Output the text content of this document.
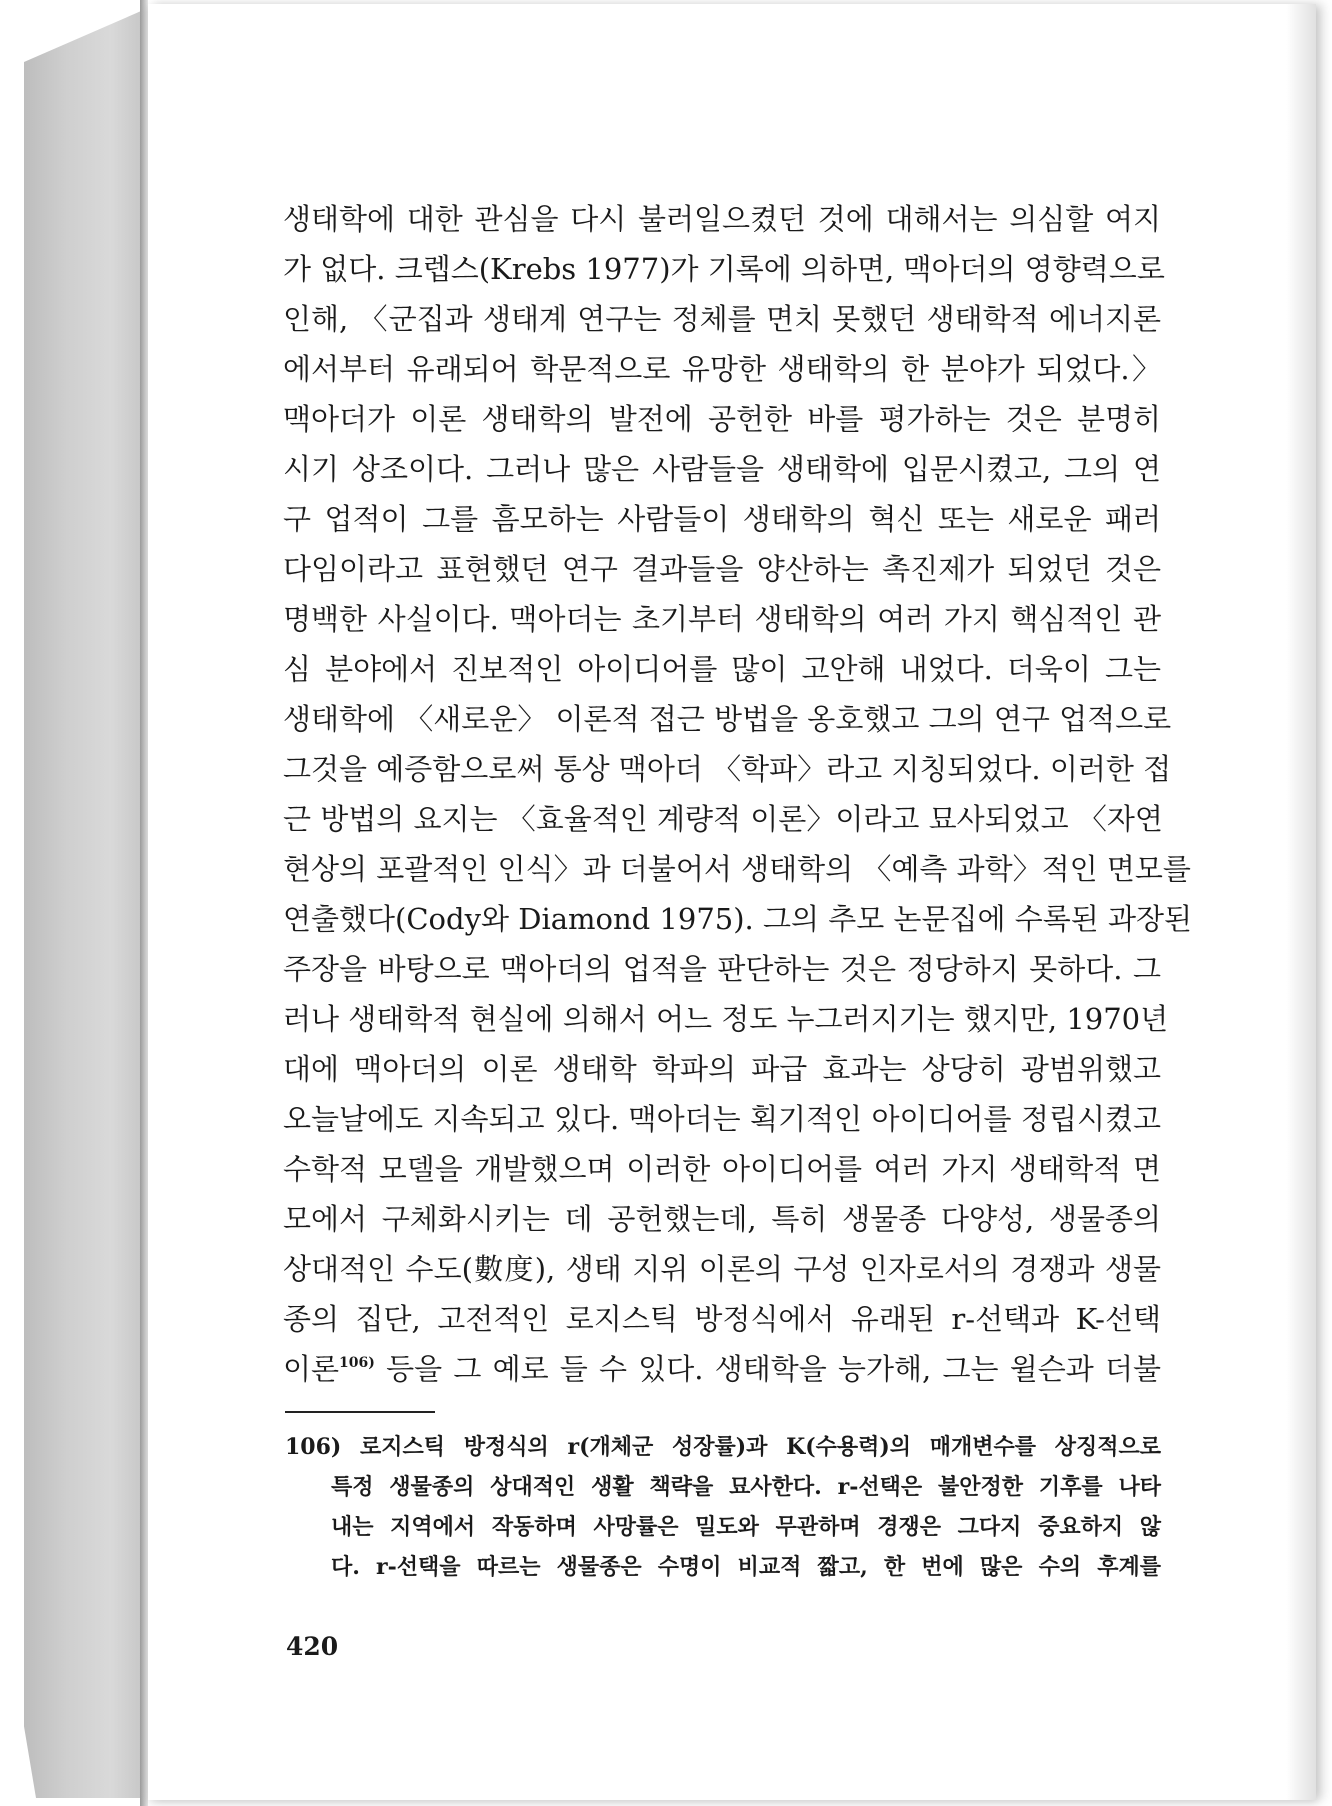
생태학에 대한 관심을 다시 불러일으켰던 것에 대해서는 의심할 여지
가 없다. 크렙스(Krebs 1977)가 기록에 의하면, 맥아더의 영향력으로
인해, 〈군집과 생태계 연구는 정체를 면치 못했던 생태학적 에너지론
에서부터 유래되어 학문적으로 유망한 생태학의 한 분야가 되었다.〉
맥아더가 이론 생태학의 발전에 공헌한 바를 평가하는 것은 분명히
시기 상조이다. 그러나 많은 사람들을 생태학에 입문시켰고, 그의 연
구 업적이 그를 흠모하는 사람들이 생태학의 혁신 또는 새로운 패러
다임이라고 표현했던 연구 결과들을 양산하는 촉진제가 되었던 것은
명백한 사실이다. 맥아더는 초기부터 생태학의 여러 가지 핵심적인 관
심 분야에서 진보적인 아이디어를 많이 고안해 내었다. 더욱이 그는
생태학에 〈새로운〉 이론적 접근 방법을 옹호했고 그의 연구 업적으로
그것을 예증함으로써 통상 맥아더 〈학파〉라고 지칭되었다. 이러한 접
근 방법의 요지는 〈효율적인 계량적 이론〉이라고 묘사되었고 〈자연
현상의 포괄적인 인식〉과 더불어서 생태학의 〈예측 과학〉적인 면모를
연출했다(Cody와 Diamond 1975). 그의 추모 논문집에 수록된 과장된
주장을 바탕으로 맥아더의 업적을 판단하는 것은 정당하지 못하다. 그
러나 생태학적 현실에 의해서 어느 정도 누그러지기는 했지만, 1970년
대에 맥아더의 이론 생태학 학파의 파급 효과는 상당히 광범위했고
오늘날에도 지속되고 있다. 맥아더는 획기적인 아이디어를 정립시켰고
수학적 모델을 개발했으며 이러한 아이디어를 여러 가지 생태학적 면
모에서 구체화시키는 데 공헌했는데, 특히 생물종 다양성, 생물종의
상대적인 수도(數度), 생태 지위 이론의 구성 인자로서의 경쟁과 생물
종의 집단, 고전적인 로지스틱 방정식에서 유래된 r-선택과 K-선택
이론$^{106)}$ 등을 그 예로 들 수 있다. 생태학을 능가해, 그는 윌슨과 더불
106) 로지스틱 방정식의 r(개체군 성장률)과 K(수용력)의 매개변수를 상징적으로
특정 생물종의 상대적인 생활 책략을 묘사한다. r-선택은 불안정한 기후를 나타
내는 지역에서 작동하며 사망률은 밀도와 무관하며 경쟁은 그다지 중요하지 않
다. r-선택을 따르는 생물종은 수명이 비교적 짧고, 한 번에 많은 수의 후계를
420
